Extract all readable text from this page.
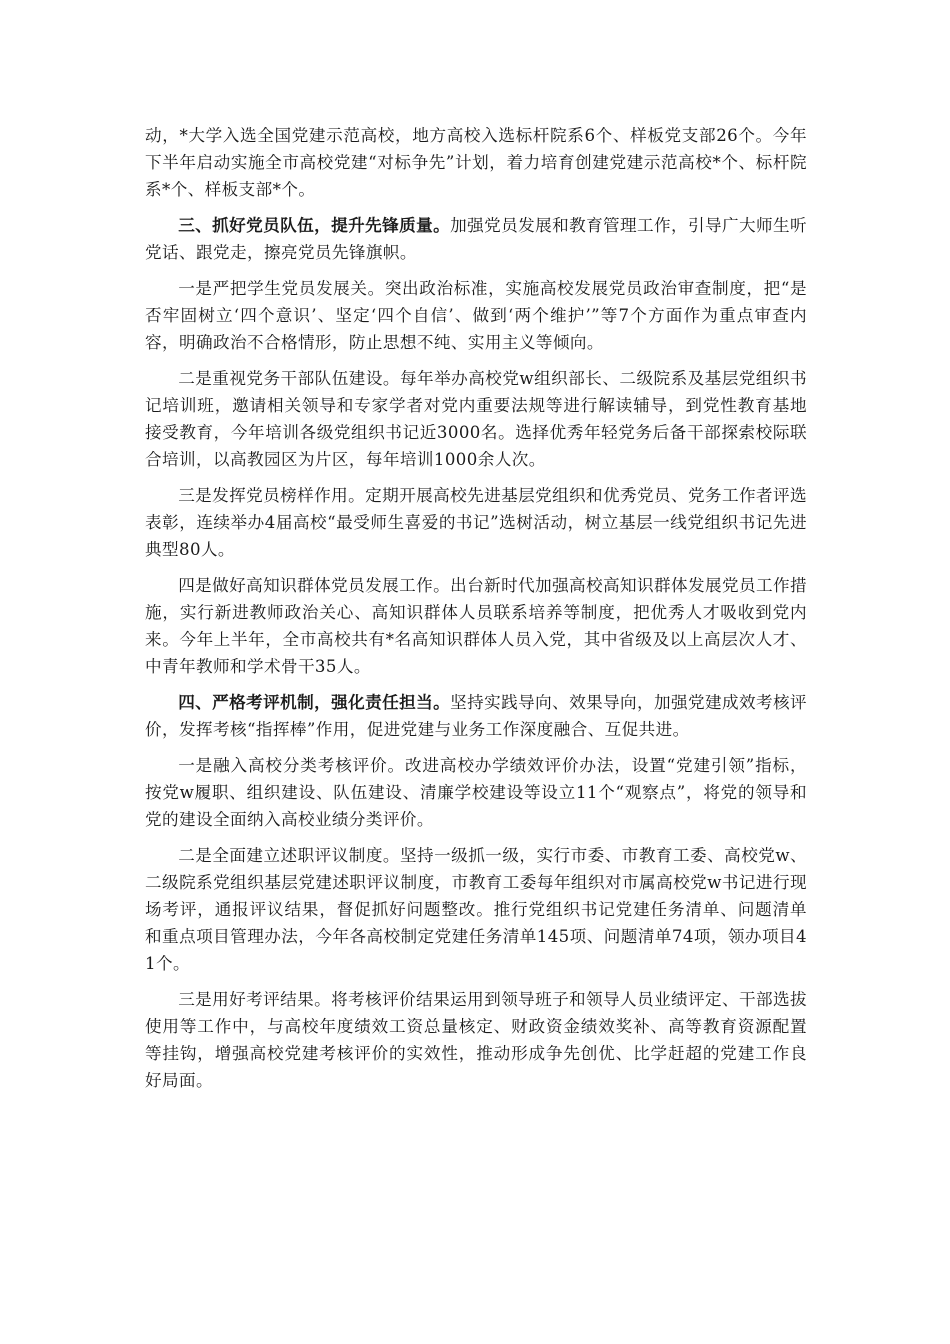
动，*大学入选全国党建示范高校，地方高校入选标杆院系6个、样板党支部26个。今年下半年启动实施全市高校党建“对标争先”计划，着力培育创建党建示范高校*个、标杆院系*个、样板支部*个。

三、抓好党员队伍，提升先锋质量。加强党员发展和教育管理工作，引导广大师生听党话、跟党走，擦亮党员先锋旗帜。

一是严把学生党员发展关。突出政治标准，实施高校发展党员政治审查制度，把“是否牢固树立‘四个意识’、坚定‘四个自信’、做到‘两个维护’”等7个方面作为重点审查内容，明确政治不合格情形，防止思想不纯、实用主义等倾向。

二是重视党务干部队伍建设。每年举办高校党w组织部长、二级院系及基层党组织书记培训班，邀请相关领导和专家学者对党内重要法规等进行解读辅导，到党性教育基地接受教育，今年培训各级党组织书记近3000名。选择优秀年轻党务后备干部探索校际联合培训，以高教园区为片区，每年培训1000余人次。

三是发挥党员榜样作用。定期开展高校先进基层党组织和优秀党员、党务工作者评选表彰，连续举办4届高校“最受师生喜爱的书记”选树活动，树立基层一线党组织书记先进典型80人。

四是做好高知识群体党员发展工作。出台新时代加强高校高知识群体发展党员工作措施，实行新进教师政治关心、高知识群体人员联系培养等制度，把优秀人才吸收到党内来。今年上半年，全市高校共有*名高知识群体人员入党，其中省级及以上高层次人才、中青年教师和学术骨干35人。

四、严格考评机制，强化责任担当。坚持实践导向、效果导向，加强党建成效考核评价，发挥考核“指挥棒”作用，促进党建与业务工作深度融合、互促共进。

一是融入高校分类考核评价。改进高校办学绩效评价办法，设置“党建引领”指标，按党w履职、组织建设、队伍建设、清廉学校建设等设立11个“观察点”，将党的领导和党的建设全面纳入高校业绩分类评价。

二是全面建立述职评议制度。坚持一级抓一级，实行市委、市教育工委、高校党w、二级院系党组织基层党建述职评议制度，市教育工委每年组织对市属高校党w书记进行现场考评，通报评议结果，督促抓好问题整改。推行党组织书记党建任务清单、问题清单和重点项目管理办法，今年各高校制定党建任务清单145项、问题清单74项，领办项目41个。

三是用好考评结果。将考核评价结果运用到领导班子和领导人员业绩评定、干部选拔使用等工作中，与高校年度绩效工资总量核定、财政资金绩效奖补、高等教育资源配置等挂钩，增强高校党建考核评价的实效性，推动形成争先创优、比学赶超的党建工作良好局面。
